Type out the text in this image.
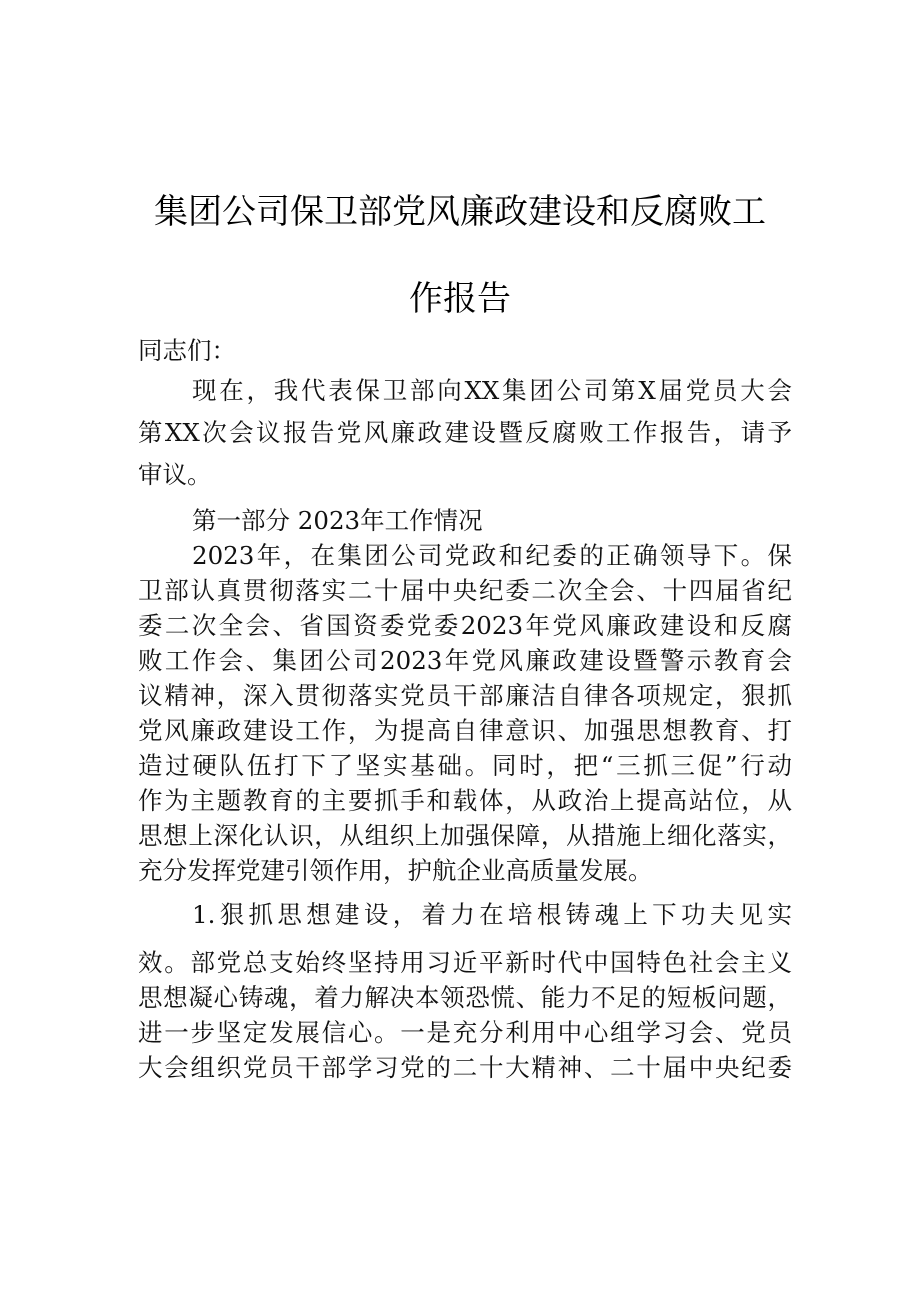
集团公司保卫部党风廉政建设和反腐败工
作报告
同志们：
现在，我代表保卫部向XX集团公司第X届党员大会
第XX次会议报告党风廉政建设暨反腐败工作报告，请予
审议。
第一部分 2023年工作情况
2023年，在集团公司党政和纪委的正确领导下。保
卫部认真贯彻落实二十届中央纪委二次全会、十四届省纪
委二次全会、省国资委党委2023年党风廉政建设和反腐
败工作会、集团公司2023年党风廉政建设暨警示教育会
议精神，深入贯彻落实党员干部廉洁自律各项规定，狠抓
党风廉政建设工作，为提高自律意识、加强思想教育、打
造过硬队伍打下了坚实基础。同时，把“三抓三促”行动
作为主题教育的主要抓手和载体，从政治上提高站位，从
思想上深化认识，从组织上加强保障，从措施上细化落实，
充分发挥党建引领作用，护航企业高质量发展。
1.狠抓思想建设，着力在培根铸魂上下功夫见实
效。部党总支始终坚持用习近平新时代中国特色社会主义
思想凝心铸魂，着力解决本领恐慌、能力不足的短板问题，
进一步坚定发展信心。一是充分利用中心组学习会、党员
大会组织党员干部学习党的二十大精神、二十届中央纪委
